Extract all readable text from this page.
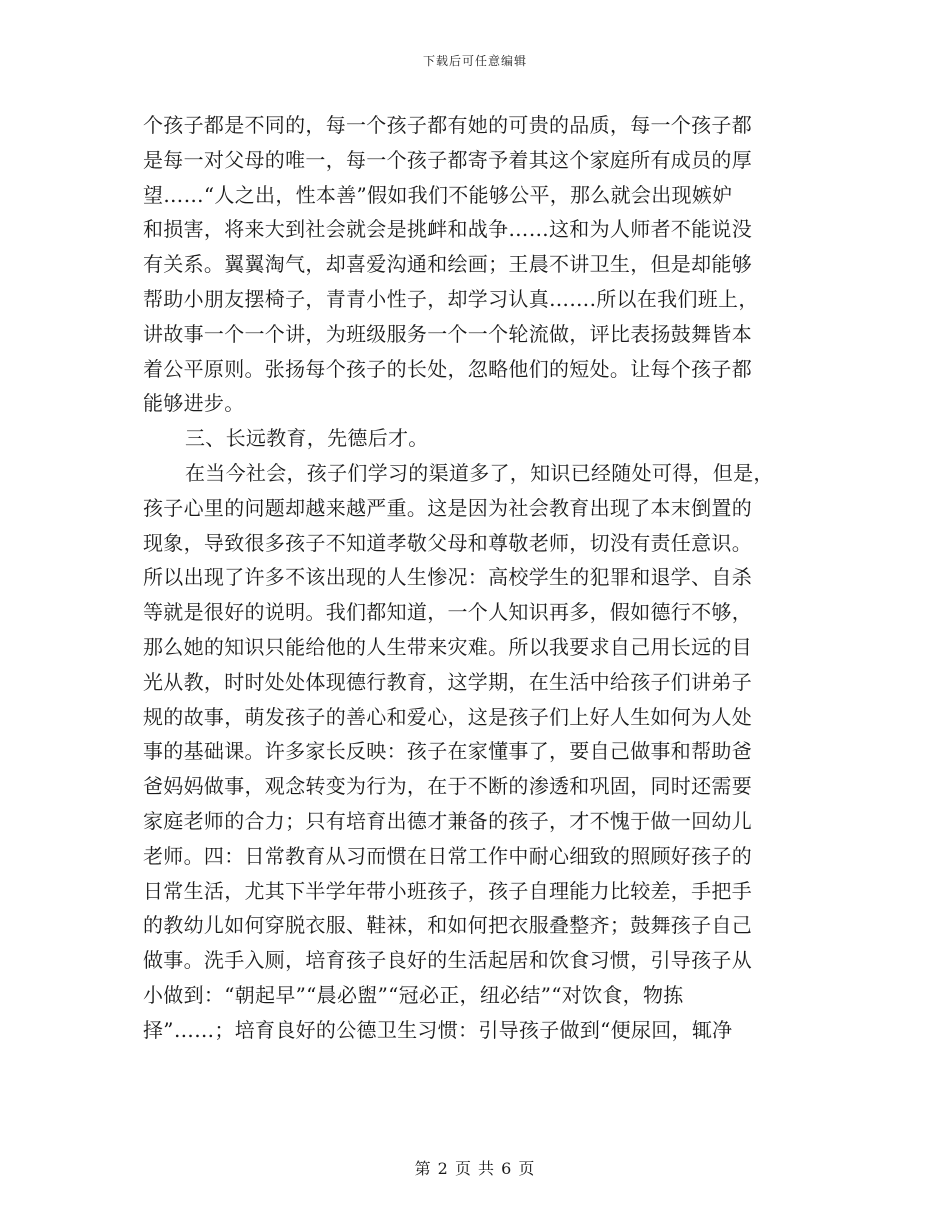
下载后可任意编辑
个孩子都是不同的，每一个孩子都有她的可贵的品质，每一个孩子都
是每一对父母的唯一，每一个孩子都寄予着其这个家庭所有成员的厚
望……“人之出，性本善”假如我们不能够公平，那么就会出现嫉妒
和损害，将来大到社会就会是挑衅和战争……这和为人师者不能说没
有关系。翼翼淘气，却喜爱沟通和绘画；王晨不讲卫生，但是却能够
帮助小朋友摆椅子，青青小性子，却学习认真…….所以在我们班上，
讲故事一个一个讲，为班级服务一个一个轮流做，评比表扬鼓舞皆本
着公平原则。张扬每个孩子的长处，忽略他们的短处。让每个孩子都
能够进步。
三、长远教育，先德后才。
在当今社会，孩子们学习的渠道多了，知识已经随处可得，但是，
孩子心里的问题却越来越严重。这是因为社会教育出现了本末倒置的
现象，导致很多孩子不知道孝敬父母和尊敬老师，切没有责任意识。
所以出现了许多不该出现的人生惨况：高校学生的犯罪和退学、自杀
等就是很好的说明。我们都知道，一个人知识再多，假如德行不够，
那么她的知识只能给他的人生带来灾难。所以我要求自己用长远的目
光从教，时时处处体现德行教育，这学期，在生活中给孩子们讲弟子
规的故事，萌发孩子的善心和爱心，这是孩子们上好人生如何为人处
事的基础课。许多家长反映：孩子在家懂事了，要自己做事和帮助爸
爸妈妈做事，观念转变为行为，在于不断的渗透和巩固，同时还需要
家庭老师的合力；只有培育出德才兼备的孩子，才不愧于做一回幼儿
老师。四：日常教育从习而惯在日常工作中耐心细致的照顾好孩子的
日常生活，尤其下半学年带小班孩子，孩子自理能力比较差，手把手
的教幼儿如何穿脱衣服、鞋袜，和如何把衣服叠整齐；鼓舞孩子自己
做事。洗手入厕，培育孩子良好的生活起居和饮食习惯，引导孩子从
小做到：“朝起早”“晨必盥”“冠必正，纽必结”“对饮食，物拣
择”……；培育良好的公德卫生习惯：引导孩子做到“便尿回，辄净
第 2 页 共 6 页
